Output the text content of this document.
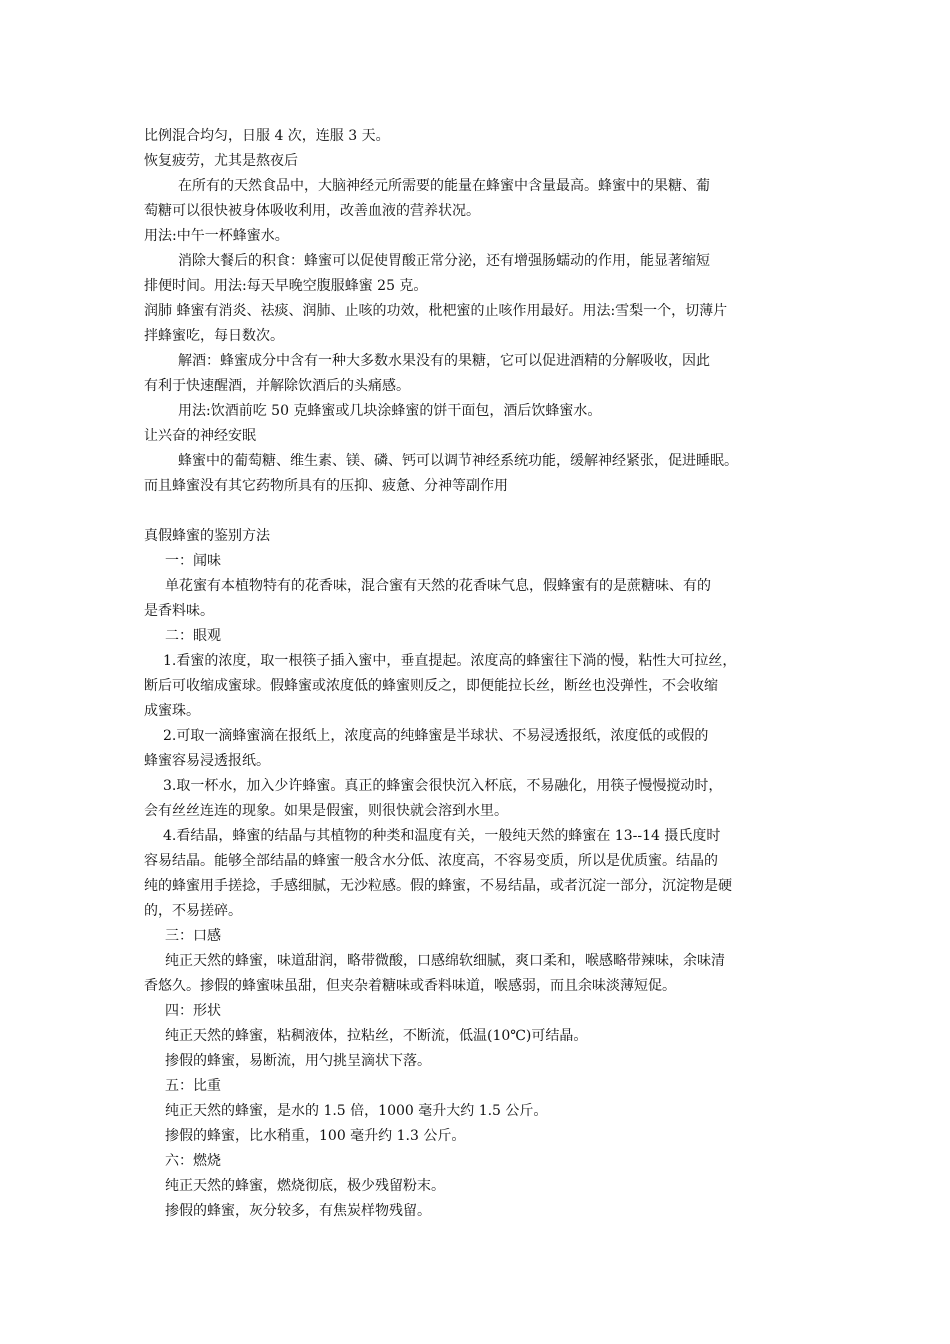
比例混合均匀，日服 4 次，连服 3 天。
恢复疲劳，尤其是熬夜后
在所有的天然食品中，大脑神经元所需要的能量在蜂蜜中含量最高。蜂蜜中的果糖、葡
萄糖可以很快被身体吸收利用，改善血液的营养状况。
用法:中午一杯蜂蜜水。
消除大餐后的积食：蜂蜜可以促使胃酸正常分泌，还有增强肠蠕动的作用，能显著缩短
排便时间。用法:每天早晚空腹服蜂蜜 25 克。
润肺 蜂蜜有消炎、祛痰、润肺、止咳的功效，枇杷蜜的止咳作用最好。用法:雪梨一个，切薄片
拌蜂蜜吃，每日数次。
解酒：蜂蜜成分中含有一种大多数水果没有的果糖，它可以促进酒精的分解吸收，因此
有利于快速醒酒，并解除饮酒后的头痛感。
用法:饮酒前吃 50 克蜂蜜或几块涂蜂蜜的饼干面包，酒后饮蜂蜜水。
让兴奋的神经安眠
蜂蜜中的葡萄糖、维生素、镁、磷、钙可以调节神经系统功能，缓解神经紧张，促进睡眠。
而且蜂蜜没有其它药物所具有的压抑、疲惫、分神等副作用
真假蜂蜜的鉴别方法
一：闻味
单花蜜有本植物特有的花香味，混合蜜有天然的花香味气息，假蜂蜜有的是蔗糖味、有的
是香料味。
二：眼观
1.看蜜的浓度，取一根筷子插入蜜中，垂直提起。浓度高的蜂蜜往下淌的慢，粘性大可拉丝，
断后可收缩成蜜球。假蜂蜜或浓度低的蜂蜜则反之，即便能拉长丝，断丝也没弹性，不会收缩
成蜜珠。
2.可取一滴蜂蜜滴在报纸上，浓度高的纯蜂蜜是半球状、不易浸透报纸，浓度低的或假的
蜂蜜容易浸透报纸。
3.取一杯水，加入少许蜂蜜。真正的蜂蜜会很快沉入杯底，不易融化，用筷子慢慢搅动时，
会有丝丝连连的现象。如果是假蜜，则很快就会溶到水里。
4.看结晶，蜂蜜的结晶与其植物的种类和温度有关，一般纯天然的蜂蜜在 13--14 摄氏度时
容易结晶。能够全部结晶的蜂蜜一般含水分低、浓度高，不容易变质，所以是优质蜜。结晶的
纯的蜂蜜用手搓捻，手感细腻，无沙粒感。假的蜂蜜，不易结晶，或者沉淀一部分，沉淀物是硬
的，不易搓碎。
三：口感
纯正天然的蜂蜜，味道甜润，略带微酸，口感绵软细腻，爽口柔和，喉感略带辣味，余味清
香悠久。掺假的蜂蜜味虽甜，但夹杂着糖味或香料味道，喉感弱，而且余味淡薄短促。
四：形状
纯正天然的蜂蜜，粘稠液体，拉粘丝，不断流，低温(10℃)可结晶。
掺假的蜂蜜，易断流，用勺挑呈滴状下落。
五：比重
纯正天然的蜂蜜，是水的 1.5 倍，1000 毫升大约 1.5 公斤。
掺假的蜂蜜，比水稍重，100 毫升约 1.3 公斤。
六：燃烧
纯正天然的蜂蜜，燃烧彻底，极少残留粉末。
掺假的蜂蜜，灰分较多，有焦炭样物残留。
